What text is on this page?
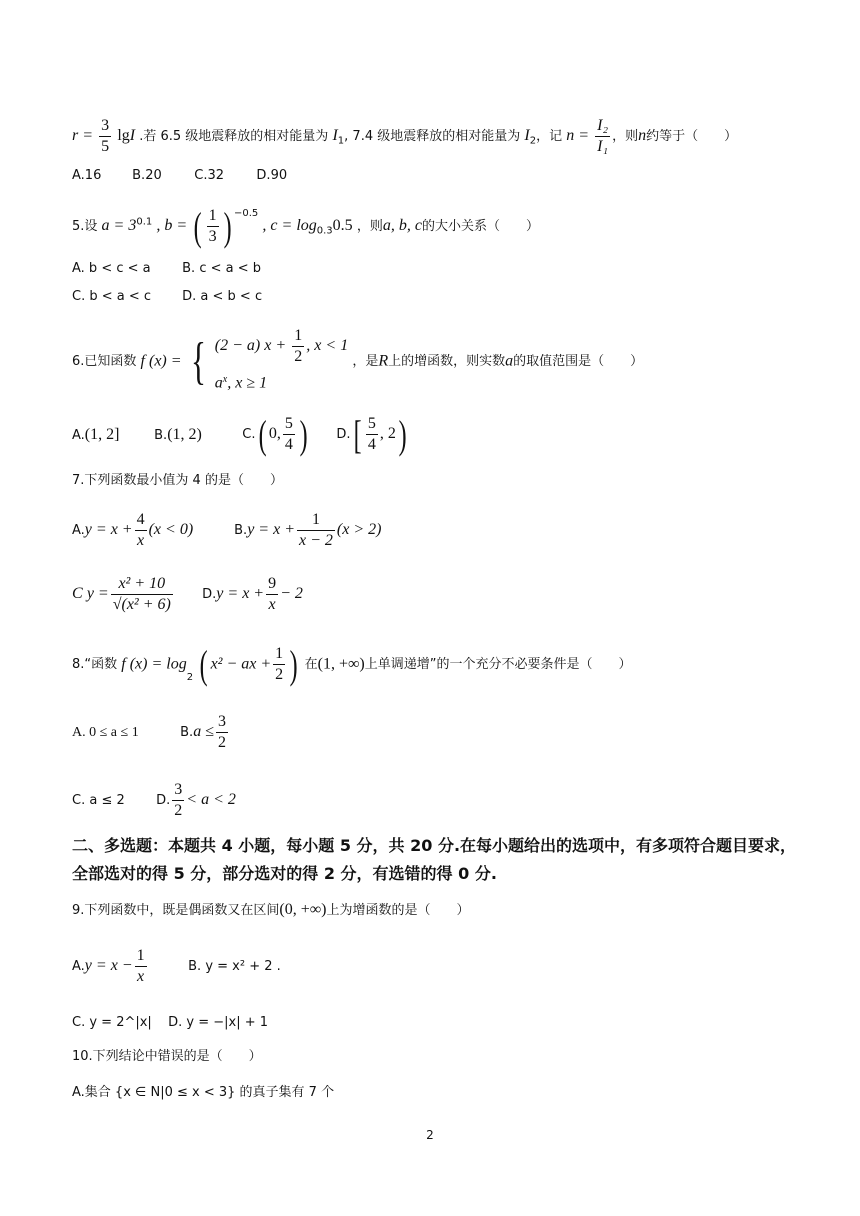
$r = \frac{3}{5}$ lgI .若 6.5 级地震释放的相对能量为 $I_1$, 7.4 级地震释放的相对能量为 $I_2$，记 $n = \frac{\text{I₂}}{\text{I₁}}$ ，则n约等于（　　）
A.16 B.20	C.32 D.90
5.设 $a = 3^{0.1}$ , b = ( $\frac{1}{3}$ ) $^{-0.5}$ , $c = \log_{0.3}0.5$ ，则a, b, c的大小关系（　　）
A. b < c < a B. c < a < b
C. b < a < c D. a < b < c
6.已知函数 f (x) = { (2 − a) $x + \frac{1}{2}$ , x < 1
$a^x$, x ≥ 1
，是R上的增函数，则实数a的取值范围是（　　）
A.(1, 2]	B.(1, 2)	C.( 0, $\frac{5}{4}$ ) $D.[ \frac{5}{4}$ , 2)
7.下列函数最小值为 4 的是（　　）
$A.y = x + \frac{4}{x} (x < 0)$	$B.y = x + \frac{1}{x - 2} (x > 2)$
C $y = \frac{\text{x² + 10}}{\text{√(x² + 6)}} D.y = x + \frac{9}{x} - 2$
8.“函数 f $(x) = \log_2$ ( x² − ax + $\frac{1}{2}$ ) 在(1, +∞)上单调递增”的一个充分不必要条件是（　　）
A. 0 ≤ a ≤ 1	$B.a \le \frac{3}{2}$
C. a ≤ 2 D. $\frac{3}{2} < a < 2$
二、多选题：本题共 4 小题，每小题 5 分，共 20 分.在每小题给出的选项中，有多项符合题目要求，全部选对的得 5 分，部分选对的得 2 分，有选错的得 0 分.
9.下列函数中，既是偶函数又在区间(0, +∞)上为增函数的是（　　）
$A.y = x - \frac{1}{x}$	B. y = x² + 2 .
C. y = 2^|x| D. y = −|x| + 1
10.下列结论中错误的是（　　）
A.集合 {x ∈ N|0 ≤ x < 3} 的真子集有 7 个
2
